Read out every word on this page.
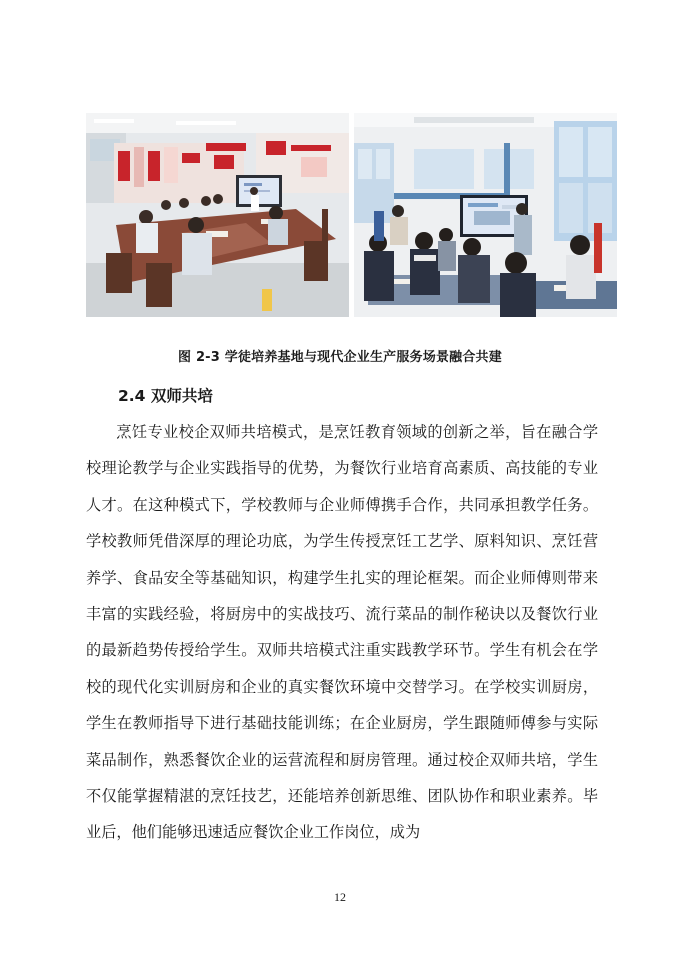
图 2-3 学徒培养基地与现代企业生产服务场景融合共建
2.4 双师共培

烹饪专业校企双师共培模式，是烹饪教育领域的创新之举，旨在融合学校理论教学与企业实践指导的优势，为餐饮行业培育高素质、高技能的专业人才。在这种模式下，学校教师与企业师傅携手合作，共同承担教学任务。学校教师凭借深厚的理论功底，为学生传授烹饪工艺学、原料知识、烹饪营养学、食品安全等基础知识，构建学生扎实的理论框架。而企业师傅则带来丰富的实践经验，将厨房中的实战技巧、流行菜品的制作秘诀以及餐饮行业的最新趋势传授给学生。双师共培模式注重实践教学环节。学生有机会在学校的现代化实训厨房和企业的真实餐饮环境中交替学习。在学校实训厨房，学生在教师指导下进行基础技能训练；在企业厨房，学生跟随师傅参与实际菜品制作，熟悉餐饮企业的运营流程和厨房管理。通过校企双师共培，学生不仅能掌握精湛的烹饪技艺，还能培养创新思维、团队协作和职业素养。毕业后，他们能够迅速适应餐饮企业工作岗位，成为

12
